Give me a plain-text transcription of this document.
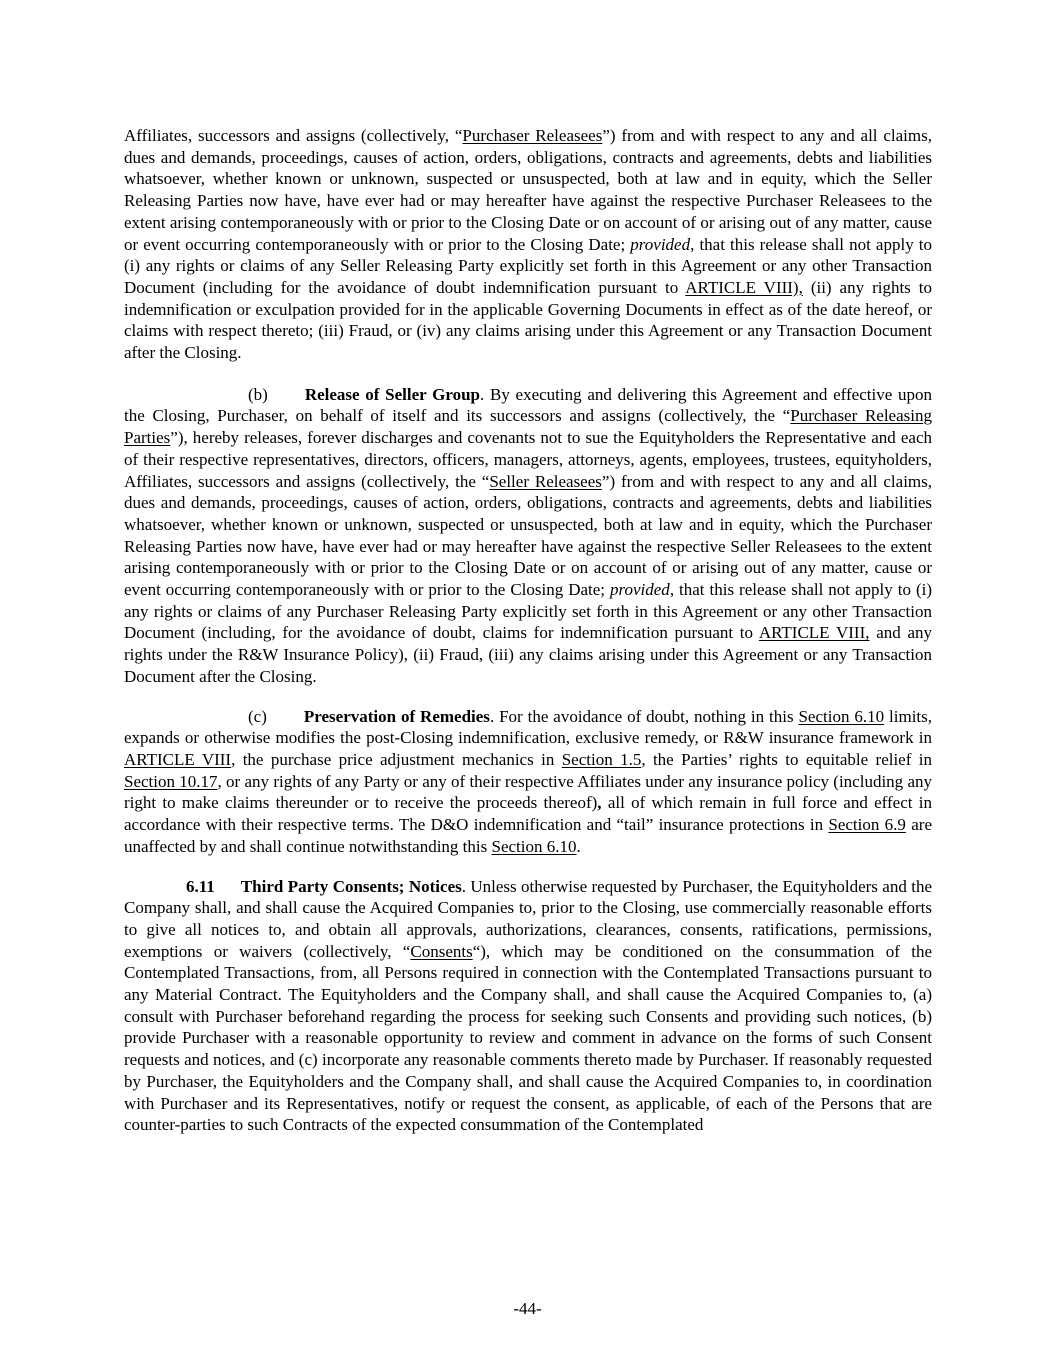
Affiliates, successors and assigns (collectively, “Purchaser Releasees”) from and with respect to any and all claims, dues and demands, proceedings, causes of action, orders, obligations, contracts and agreements, debts and liabilities whatsoever, whether known or unknown, suspected or unsuspected, both at law and in equity, which the Seller Releasing Parties now have, have ever had or may hereafter have against the respective Purchaser Releasees to the extent arising contemporaneously with or prior to the Closing Date or on account of or arising out of any matter, cause or event occurring contemporaneously with or prior to the Closing Date; provided, that this release shall not apply to (i) any rights or claims of any Seller Releasing Party explicitly set forth in this Agreement or any other Transaction Document (including for the avoidance of doubt indemnification pursuant to ARTICLE VIII), (ii) any rights to indemnification or exculpation provided for in the applicable Governing Documents in effect as of the date hereof, or claims with respect thereto; (iii) Fraud, or (iv) any claims arising under this Agreement or any Transaction Document after the Closing.

(b) Release of Seller Group. By executing and delivering this Agreement and effective upon the Closing, Purchaser, on behalf of itself and its successors and assigns (collectively, the “Purchaser Releasing Parties”), hereby releases, forever discharges and covenants not to sue the Equityholders the Representative and each of their respective representatives, directors, officers, managers, attorneys, agents, employees, trustees, equityholders, Affiliates, successors and assigns (collectively, the “Seller Releasees”) from and with respect to any and all claims, dues and demands, proceedings, causes of action, orders, obligations, contracts and agreements, debts and liabilities whatsoever, whether known or unknown, suspected or unsuspected, both at law and in equity, which the Purchaser Releasing Parties now have, have ever had or may hereafter have against the respective Seller Releasees to the extent arising contemporaneously with or prior to the Closing Date or on account of or arising out of any matter, cause or event occurring contemporaneously with or prior to the Closing Date; provided, that this release shall not apply to (i) any rights or claims of any Purchaser Releasing Party explicitly set forth in this Agreement or any other Transaction Document (including, for the avoidance of doubt, claims for indemnification pursuant to ARTICLE VIII, and any rights under the R&W Insurance Policy), (ii) Fraud, (iii) any claims arising under this Agreement or any Transaction Document after the Closing.

(c) Preservation of Remedies. For the avoidance of doubt, nothing in this Section 6.10 limits, expands or otherwise modifies the post-Closing indemnification, exclusive remedy, or R&W insurance framework in ARTICLE VIII, the purchase price adjustment mechanics in Section 1.5, the Parties’ rights to equitable relief in Section 10.17, or any rights of any Party or any of their respective Affiliates under any insurance policy (including any right to make claims thereunder or to receive the proceeds thereof), all of which remain in full force and effect in accordance with their respective terms. The D&O indemnification and “tail” insurance protections in Section 6.9 are unaffected by and shall continue notwithstanding this Section 6.10.

6.11 Third Party Consents; Notices. Unless otherwise requested by Purchaser, the Equityholders and the Company shall, and shall cause the Acquired Companies to, prior to the Closing, use commercially reasonable efforts to give all notices to, and obtain all approvals, authorizations, clearances, consents, ratifications, permissions, exemptions or waivers (collectively, “Consents“), which may be conditioned on the consummation of the Contemplated Transactions, from, all Persons required in connection with the Contemplated Transactions pursuant to any Material Contract. The Equityholders and the Company shall, and shall cause the Acquired Companies to, (a) consult with Purchaser beforehand regarding the process for seeking such Consents and providing such notices, (b) provide Purchaser with a reasonable opportunity to review and comment in advance on the forms of such Consent requests and notices, and (c) incorporate any reasonable comments thereto made by Purchaser. If reasonably requested by Purchaser, the Equityholders and the Company shall, and shall cause the Acquired Companies to, in coordination with Purchaser and its Representatives, notify or request the consent, as applicable, of each of the Persons that are counter-parties to such Contracts of the expected consummation of the Contemplated

-44-
